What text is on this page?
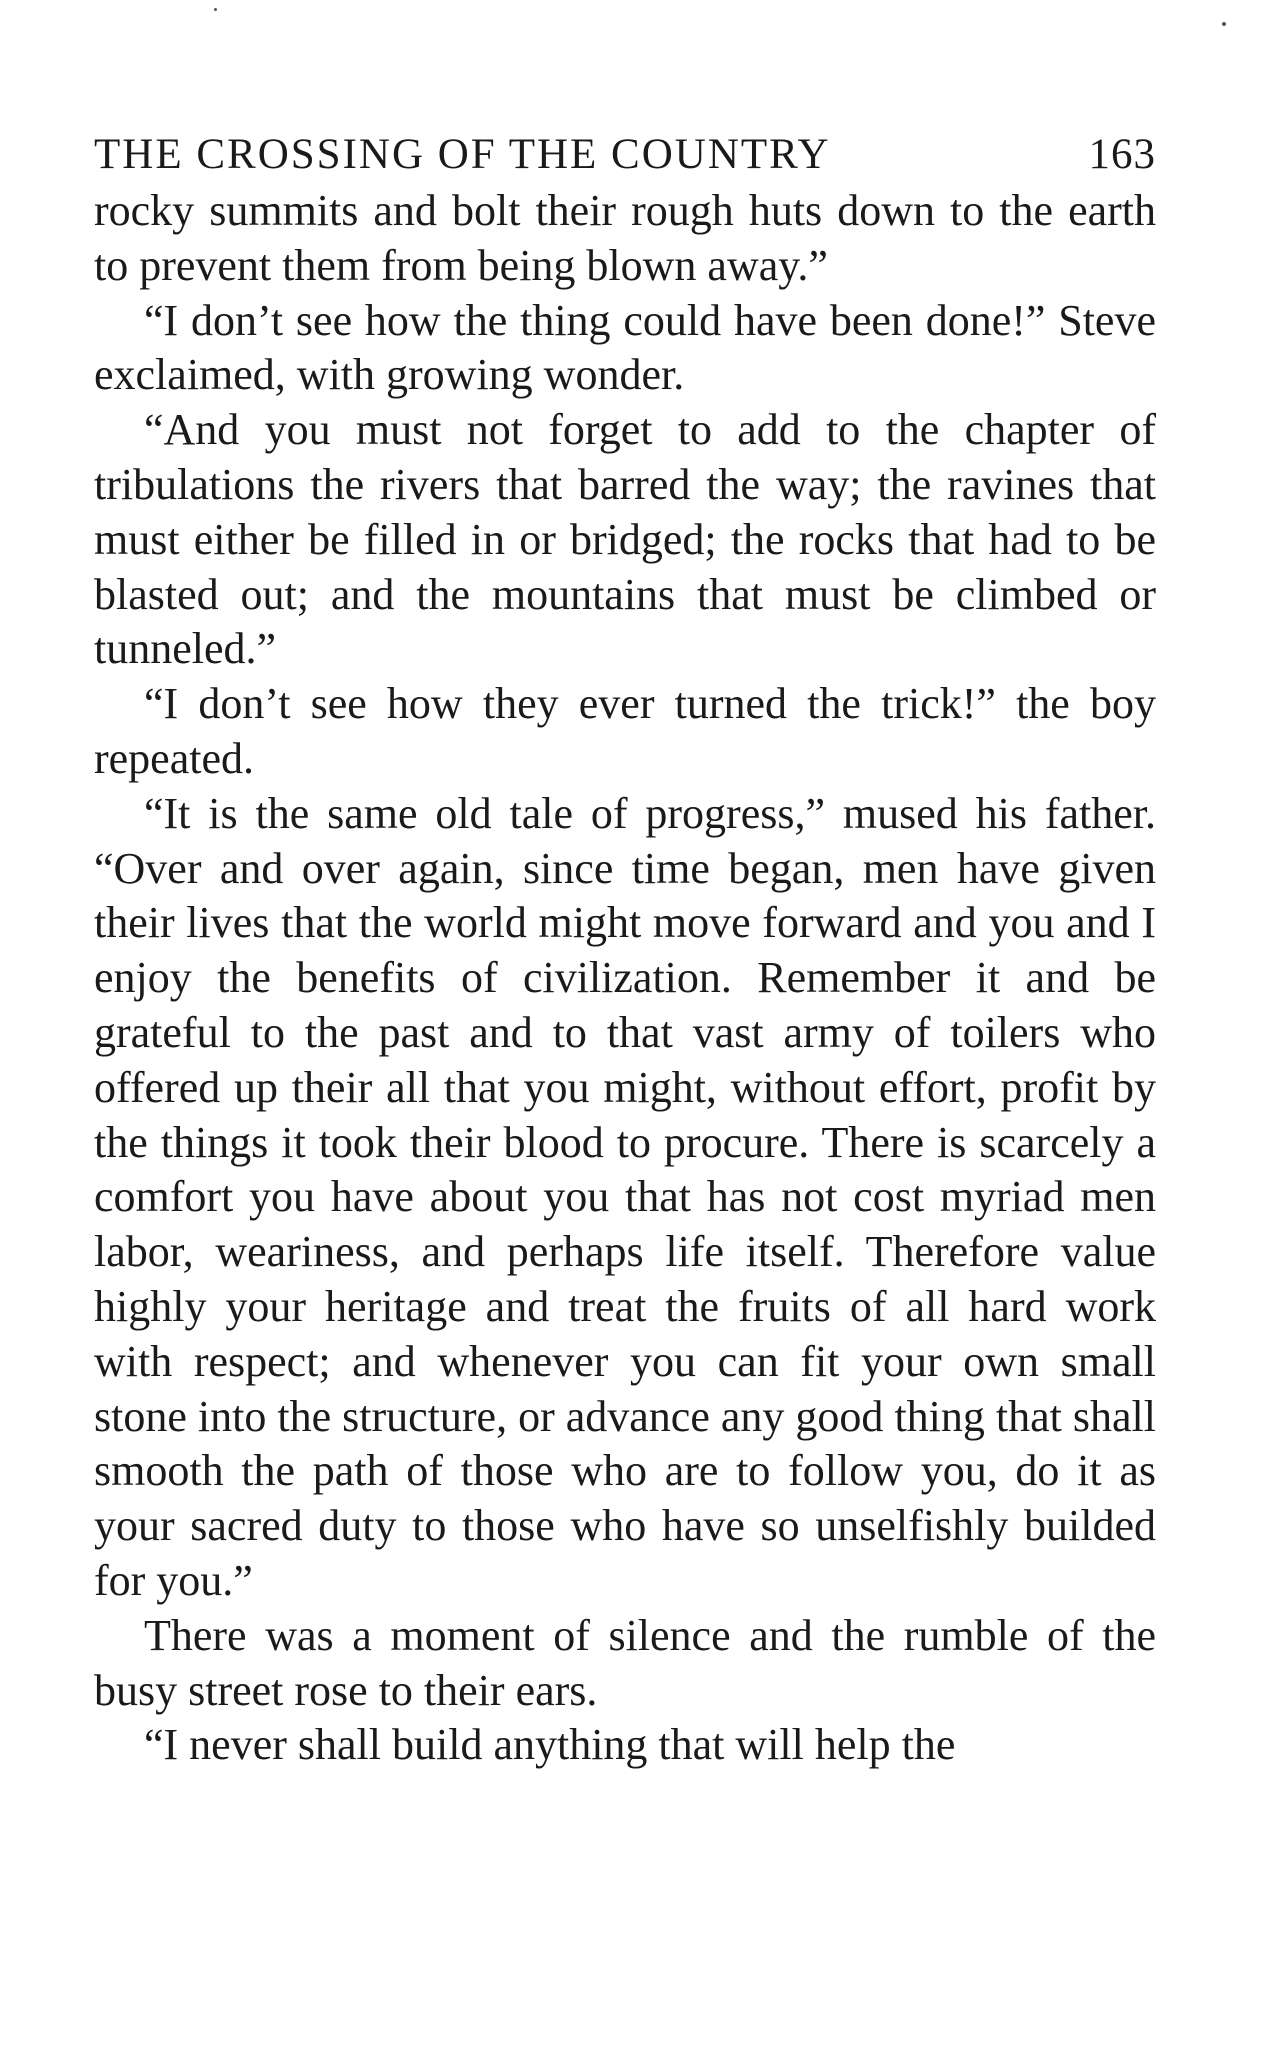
THE CROSSING OF THE COUNTRY	163

rocky summits and bolt their rough huts down to the earth to prevent them from being blown away.”

“I don’t see how the thing could have been done!” Steve exclaimed, with growing wonder.

“And you must not forget to add to the chapter of tribulations the rivers that barred the way; the ravines that must either be filled in or bridged; the rocks that had to be blasted out; and the mountains that must be climbed or tunneled.”

“I don’t see how they ever turned the trick!” the boy repeated.

“It is the same old tale of progress,” mused his father. “Over and over again, since time began, men have given their lives that the world might move forward and you and I enjoy the benefits of civilization. Remember it and be grateful to the past and to that vast army of toilers who offered up their all that you might, without effort, profit by the things it took their blood to procure. There is scarcely a comfort you have about you that has not cost myriad men labor, weariness, and perhaps life itself. Therefore value highly your heritage and treat the fruits of all hard work with respect; and whenever you can fit your own small stone into the structure, or advance any good thing that shall smooth the path of those who are to follow you, do it as your sacred duty to those who have so unselfishly builded for you.”

There was a moment of silence and the rumble of the busy street rose to their ears.

“I never shall build anything that will help the
